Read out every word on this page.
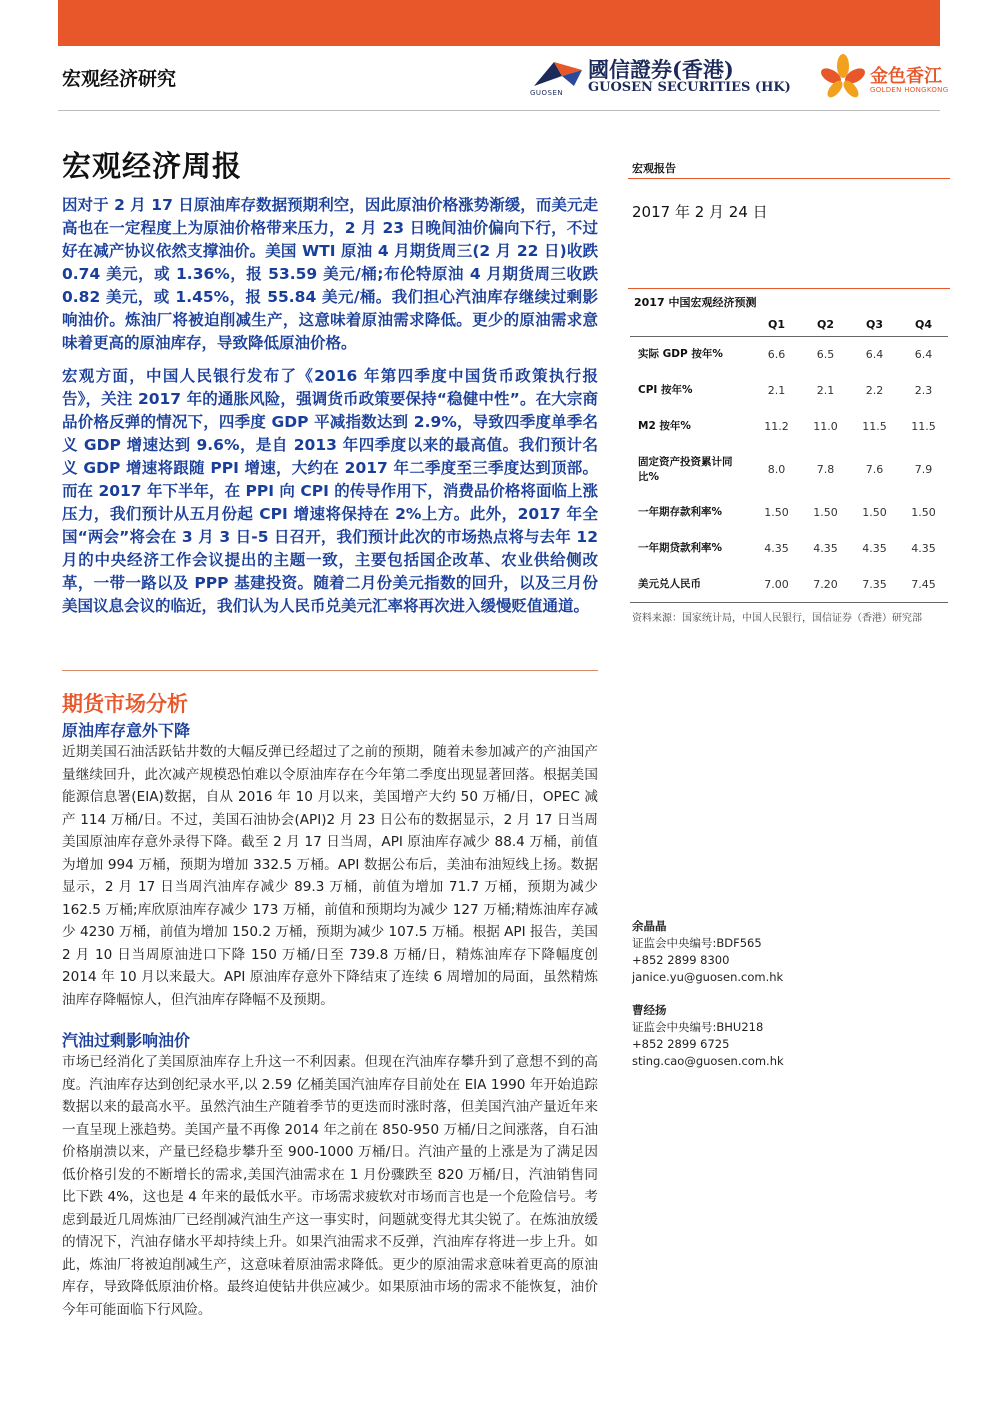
宏观经济研究
GUOSEN
國信證券(香港)
GUOSEN SECURITIES (HK)
金色香江
GOLDEN HONGKONG
宏观经济周报

因对于 2 月 17 日原油库存数据预期利空，因此原油价格涨势渐缓，而美元走高也在一定程度上为原油价格带来压力，2 月 23 日晚间油价偏向下行，不过好在减产协议依然支撑油价。美国 WTI 原油 4 月期货周三(2 月 22 日)收跌 0.74 美元，或 1.36%，报 53.59 美元/桶;布伦特原油 4 月期货周三收跌 0.82 美元，或 1.45%，报 55.84 美元/桶。我们担心汽油库存继续过剩影响油价。炼油厂将被迫削减生产，这意味着原油需求降低。更少的原油需求意味着更高的原油库存，导致降低原油价格。

宏观方面，中国人民银行发布了《2016 年第四季度中国货币政策执行报告》，关注 2017 年的通胀风险，强调货币政策要保持“稳健中性”。在大宗商品价格反弹的情况下，四季度 GDP 平减指数达到 2.9%，导致四季度单季名义 GDP 增速达到 9.6%，是自 2013 年四季度以来的最高值。我们预计名义 GDP 增速将跟随 PPI 增速，大约在 2017 年二季度至三季度达到顶部。而在 2017 年下半年，在 PPI 向 CPI 的传导作用下，消费品价格将面临上涨压力，我们预计从五月份起 CPI 增速将保持在 2%上方。此外，2017 年全国“两会”将会在 3 月 3 日-5 日召开，我们预计此次的市场热点将与去年 12 月的中央经济工作会议提出的主题一致，主要包括国企改革、农业供给侧改革，一带一路以及 PPP 基建投资。随着二月份美元指数的回升，以及三月份美国议息会议的临近，我们认为人民币兑美元汇率将再次进入缓慢贬值通道。

期货市场分析
原油库存意外下降
近期美国石油活跃钻井数的大幅反弹已经超过了之前的预期，随着未参加减产的产油国产量继续回升，此次减产规模恐怕难以令原油库存在今年第二季度出现显著回落。根据美国能源信息署(EIA)数据，自从 2016 年 10 月以来，美国增产大约 50 万桶/日，OPEC 减产 114 万桶/日。不过，美国石油协会(API)2 月 23 日公布的数据显示，2 月 17 日当周美国原油库存意外录得下降。截至 2 月 17 日当周，API 原油库存减少 88.4 万桶，前值为增加 994 万桶，预期为增加 332.5 万桶。API 数据公布后，美油布油短线上扬。数据显示，2 月 17 日当周汽油库存减少 89.3 万桶，前值为增加 71.7 万桶，预期为减少 162.5 万桶;库欣原油库存减少 173 万桶，前值和预期均为减少 127 万桶;精炼油库存减少 4230 万桶，前值为增加 150.2 万桶，预期为减少 107.5 万桶。根据 API 报告，美国 2 月 10 日当周原油进口下降 150 万桶/日至 739.8 万桶/日，精炼油库存下降幅度创 2014 年 10 月以来最大。API 原油库存意外下降结束了连续 6 周增加的局面，虽然精炼油库存降幅惊人，但汽油库存降幅不及预期。
汽油过剩影响油价
市场已经消化了美国原油库存上升这一不利因素。但现在汽油库存攀升到了意想不到的高度。汽油库存达到创纪录水平,以 2.59 亿桶美国汽油库存目前处在 EIA 1990 年开始追踪数据以来的最高水平。虽然汽油生产随着季节的更迭而时涨时落，但美国汽油产量近年来一直呈现上涨趋势。美国产量不再像 2014 年之前在 850-950 万桶/日之间涨落，自石油价格崩溃以来，产量已经稳步攀升至 900-1000 万桶/日。汽油产量的上涨是为了满足因低价格引发的不断增长的需求,美国汽油需求在 1 月份骤跌至 820 万桶/日，汽油销售同比下跌 4%，这也是 4 年来的最低水平。市场需求疲软对市场而言也是一个危险信号。考虑到最近几周炼油厂已经削减汽油生产这一事实时，问题就变得尤其尖锐了。在炼油放缓的情况下，汽油存储水平却持续上升。如果汽油需求不反弹，汽油库存将进一步上升。如此，炼油厂将被迫削减生产，这意味着原油需求降低。更少的原油需求意味着更高的原油库存，导致降低原油价格。最终迫使钻井供应减少。如果原油市场的需求不能恢复，油价今年可能面临下行风险。
宏观报告
2017 年 2 月 24 日
2017 中国宏观经济预测
	Q1	Q2	Q3	Q4
实际 GDP 按年%	6.6	6.5	6.4	6.4
CPI 按年%	2.1	2.1	2.2	2.3
M2 按年%	11.2	11.0	11.5	11.5
固定资产投资累计同比%	8.0	7.8	7.6	7.9
一年期存款利率%	1.50	1.50	1.50	1.50
一年期贷款利率%	4.35	4.35	4.35	4.35
美元兑人民币	7.00	7.20	7.35	7.45
资料来源：国家统计局，中国人民银行，国信证券（香港）研究部
余晶晶
证监会中央编号:BDF565
+852 2899 8300
janice.yu@guosen.com.hk
曹经扬
证监会中央编号:BHU218
+852 2899 6725
sting.cao@guosen.com.hk
